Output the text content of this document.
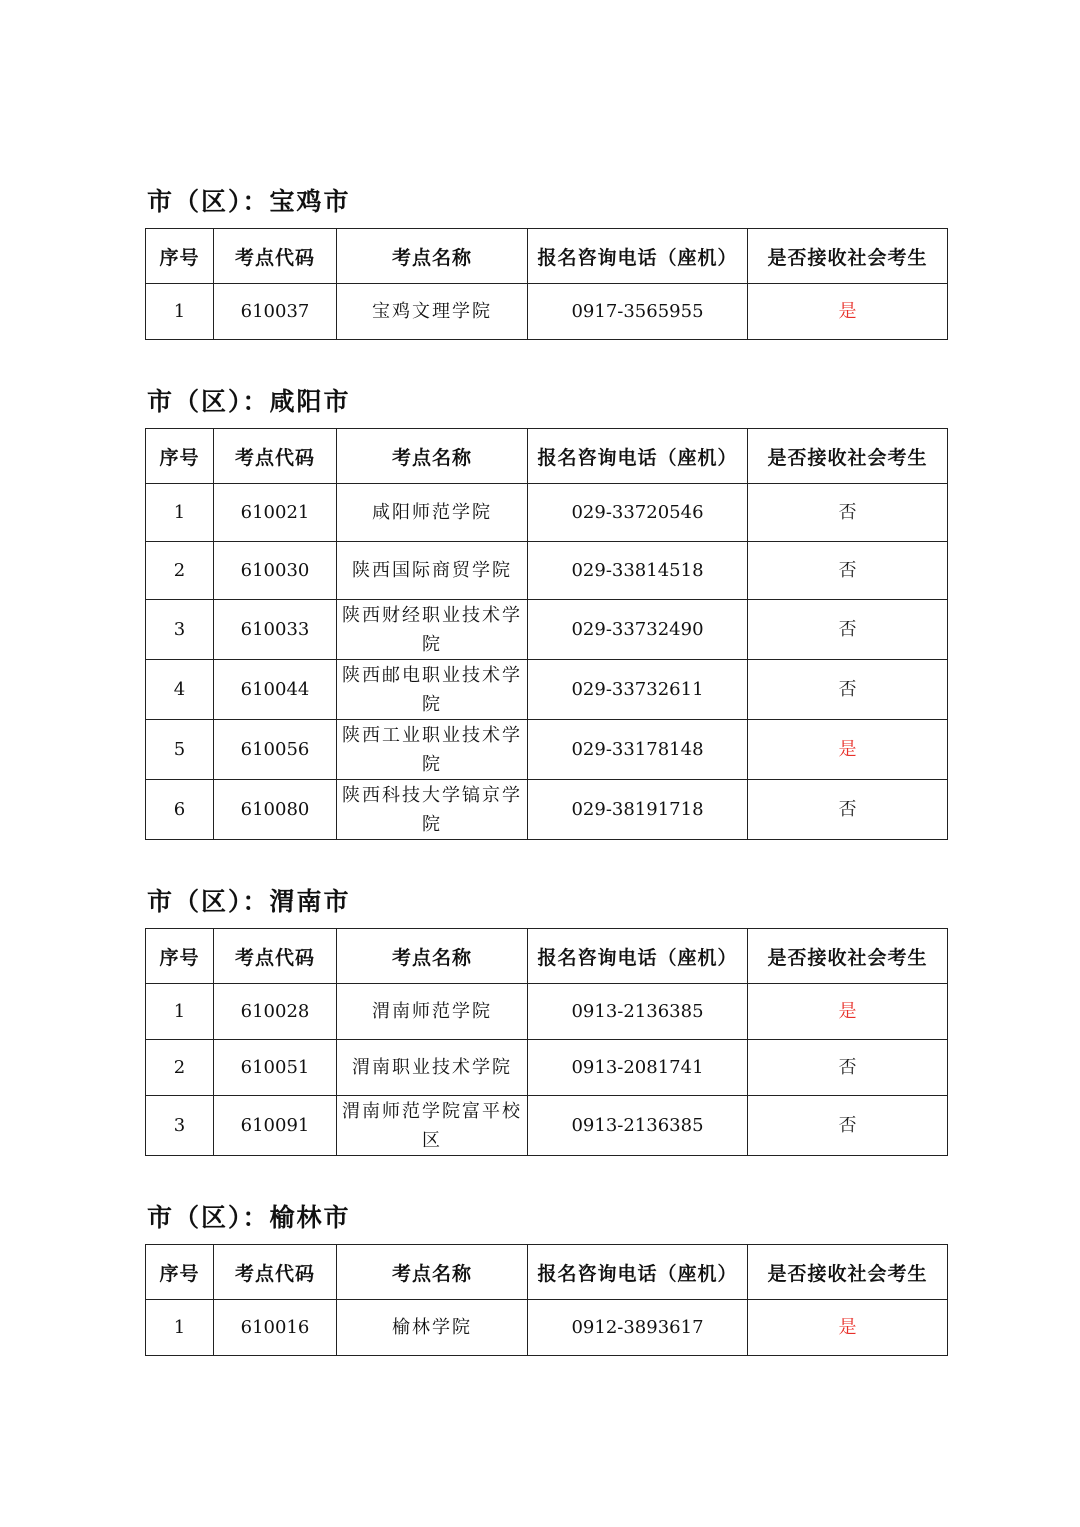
市（区）：宝鸡市
序号	考点代码	考点名称	报名咨询电话（座机）	是否接收社会考生
1	610037	宝鸡文理学院	0917-3565955	是
市（区）：咸阳市
序号	考点代码	考点名称	报名咨询电话（座机）	是否接收社会考生
1	610021	咸阳师范学院	029-33720546	否
2	610030	陕西国际商贸学院	029-33814518	否
3	610033	陕西财经职业技术学院	029-33732490	否
4	610044	陕西邮电职业技术学院	029-33732611	否
5	610056	陕西工业职业技术学院	029-33178148	是
6	610080	陕西科技大学镐京学院	029-38191718	否
市（区）：渭南市
序号	考点代码	考点名称	报名咨询电话（座机）	是否接收社会考生
1	610028	渭南师范学院	0913-2136385	是
2	610051	渭南职业技术学院	0913-2081741	否
3	610091	渭南师范学院富平校区	0913-2136385	否
市（区）：榆林市
序号	考点代码	考点名称	报名咨询电话（座机）	是否接收社会考生
1	610016	榆林学院	0912-3893617	是
